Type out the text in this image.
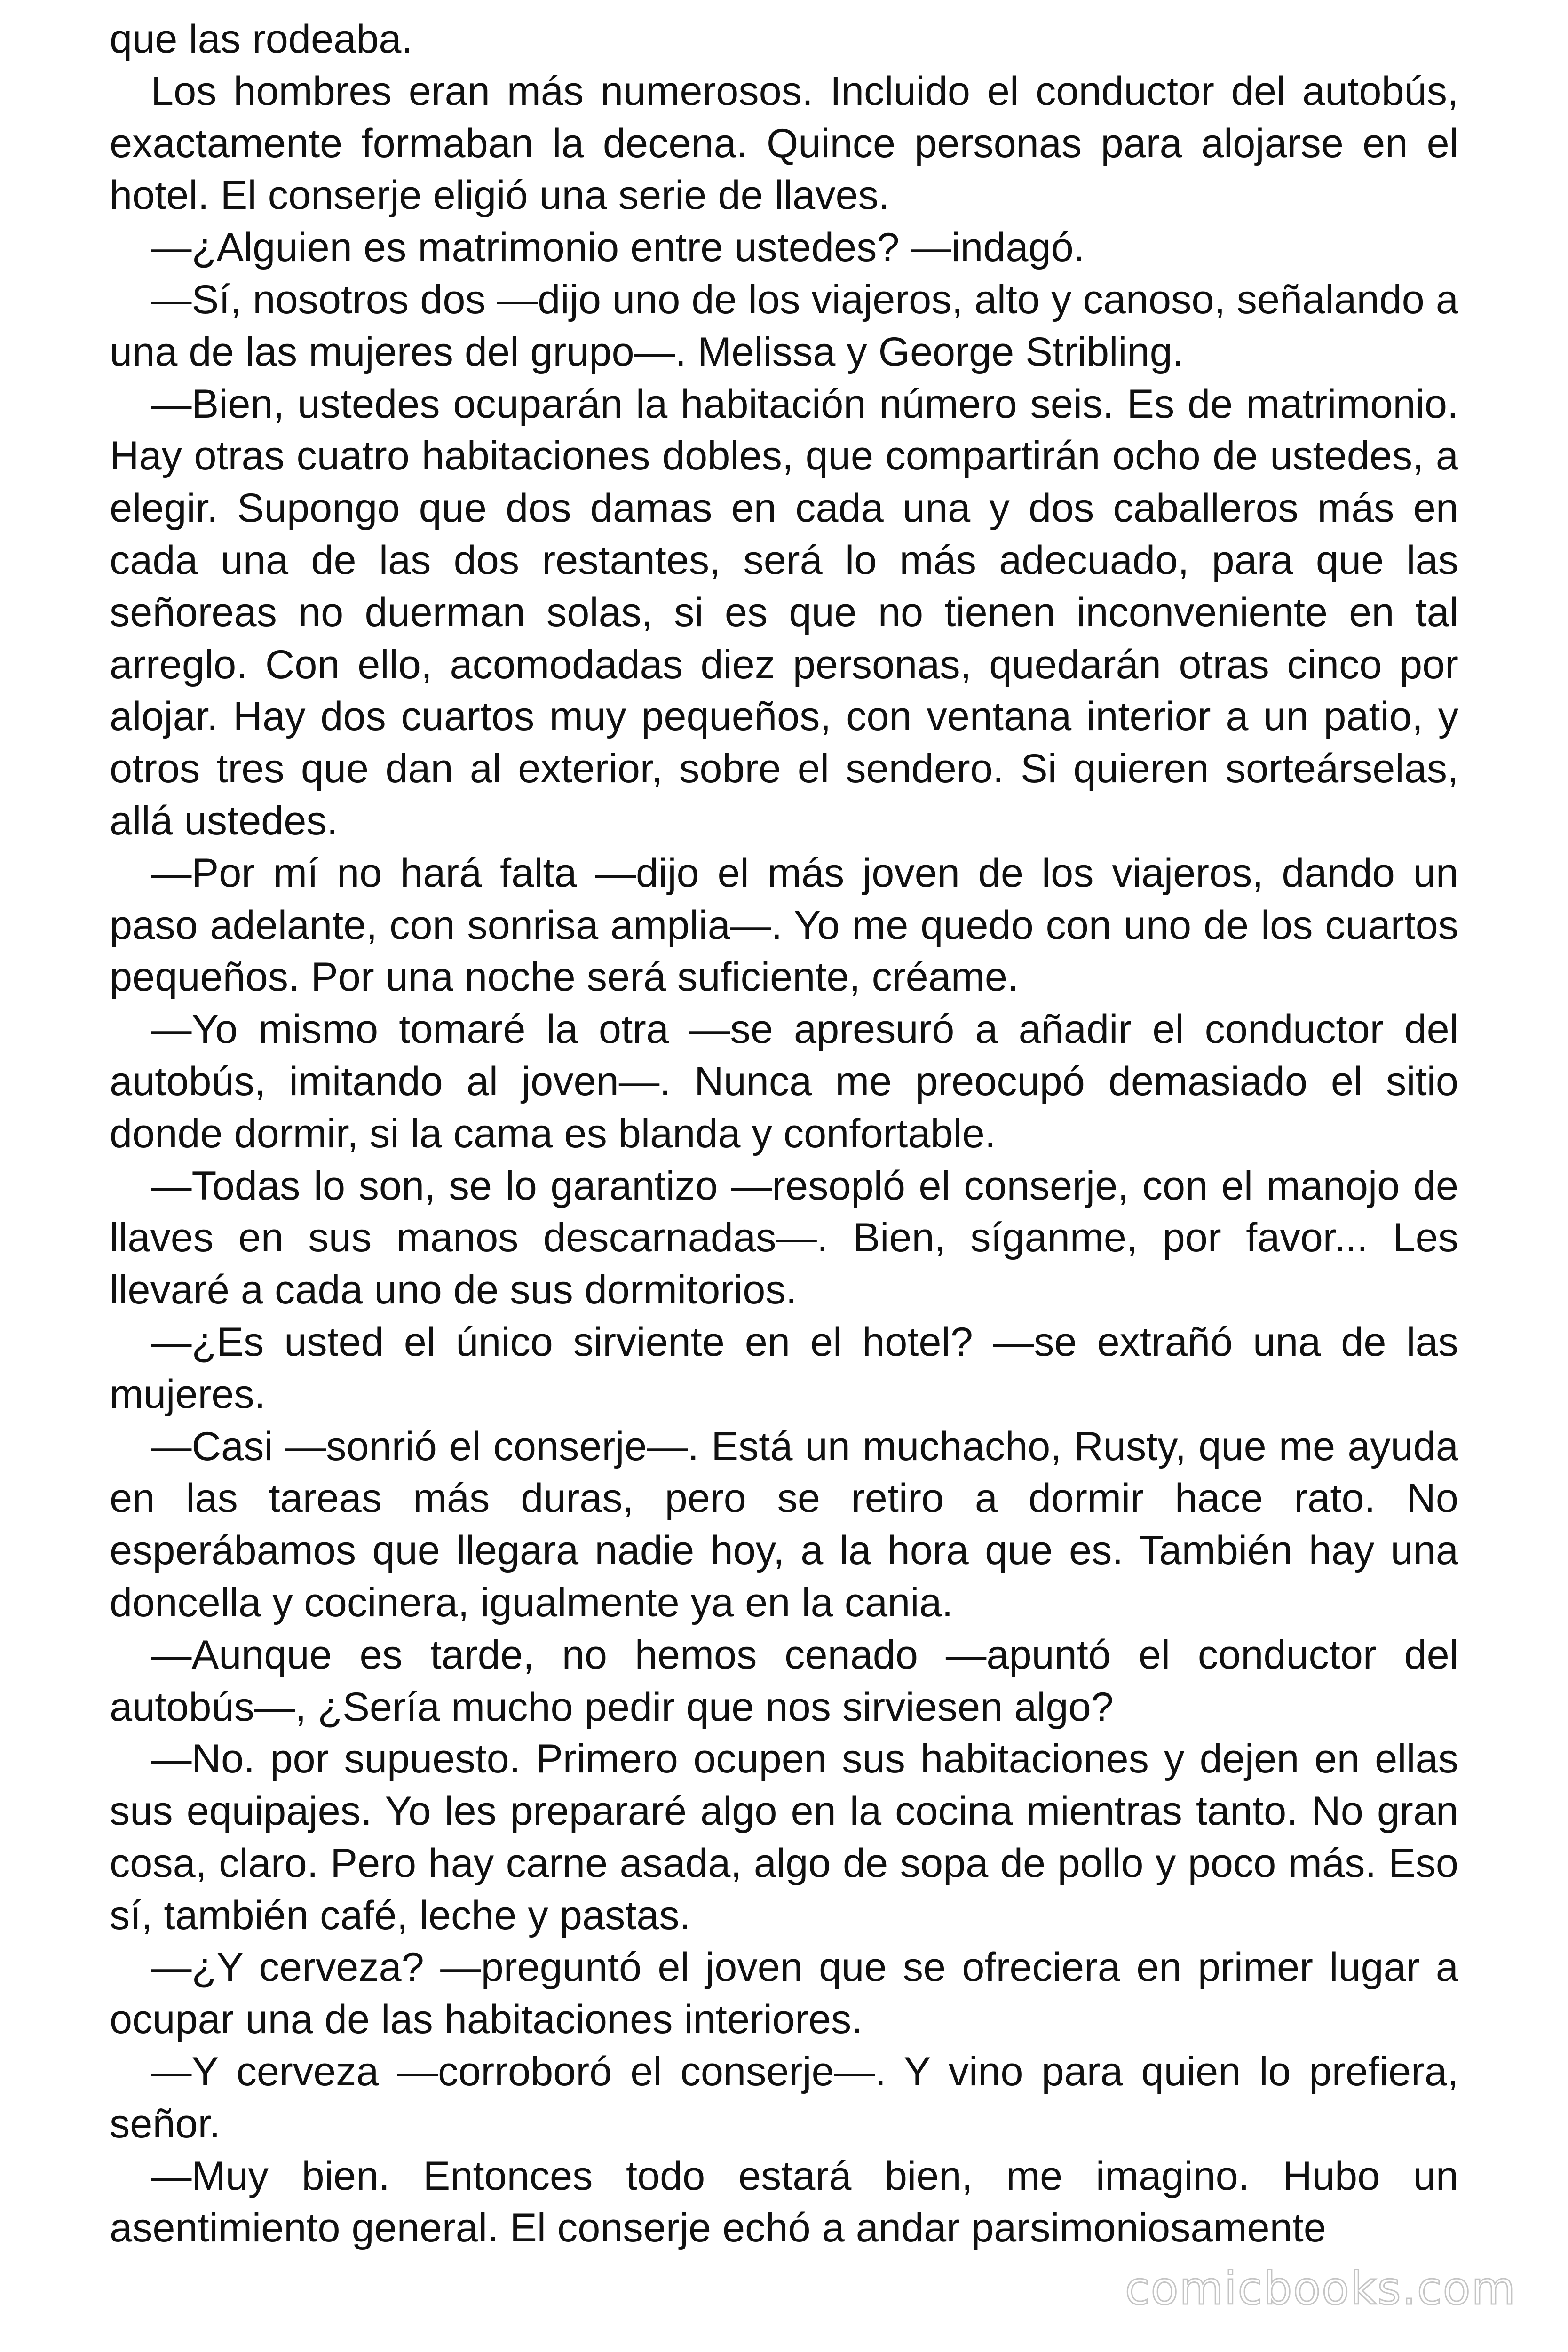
que las rodeaba.

Los hombres eran más numerosos. Incluido el conductor del autobús, exactamente formaban la decena. Quince personas para alojarse en el hotel. El conserje eligió una serie de llaves.

—¿Alguien es matrimonio entre ustedes? —indagó.

—Sí, nosotros dos —dijo uno de los viajeros, alto y canoso, señalando a una de las mujeres del grupo—. Melissa y George Stribling.

—Bien, ustedes ocuparán la habitación número seis. Es de matrimonio. Hay otras cuatro habitaciones dobles, que compartirán ocho de ustedes, a elegir. Supongo que dos damas en cada una y dos caballeros más en cada una de las dos restantes, será lo más adecuado, para que las señoreas no duerman solas, si es que no tienen inconveniente en tal arreglo. Con ello, acomodadas diez personas, quedarán otras cinco por alojar. Hay dos cuartos muy pequeños, con ventana interior a un patio, y otros tres que dan al exterior, sobre el sendero. Si quieren sorteárselas, allá ustedes.

—Por mí no hará falta —dijo el más joven de los viajeros, dando un paso adelante, con sonrisa amplia—. Yo me quedo con uno de los cuartos pequeños. Por una noche será suficiente, créame.

—Yo mismo tomaré la otra —se apresuró a añadir el conductor del autobús, imitando al joven—. Nunca me preocupó demasiado el sitio donde dormir, si la cama es blanda y confortable.

—Todas lo son, se lo garantizo —resopló el conserje, con el manojo de llaves en sus manos descarnadas—. Bien, síganme, por favor... Les llevaré a cada uno de sus dormitorios.

—¿Es usted el único sirviente en el hotel? —se extrañó una de las mujeres.

—Casi —sonrió el conserje—. Está un muchacho, Rusty, que me ayuda en las tareas más duras, pero se retiro a dormir hace rato. No esperábamos que llegara nadie hoy, a la hora que es. También hay una doncella y cocinera, igualmente ya en la cania.

—Aunque es tarde, no hemos cenado —apuntó el conductor del autobús—, ¿Sería mucho pedir que nos sirviesen algo?

—No. por supuesto. Primero ocupen sus habitaciones y dejen en ellas sus equipajes. Yo les prepararé algo en la cocina mientras tanto. No gran cosa, claro. Pero hay carne asada, algo de sopa de pollo y poco más. Eso sí, también café, leche y pastas.

—¿Y cerveza? —preguntó el joven que se ofreciera en primer lugar a ocupar una de las habitaciones interiores.

—Y cerveza —corroboró el conserje—. Y vino para quien lo prefiera, señor.

—Muy bien. Entonces todo estará bien, me imagino. Hubo un asentimiento general. El conserje echó a andar parsimoniosamente

comicbooks.com
